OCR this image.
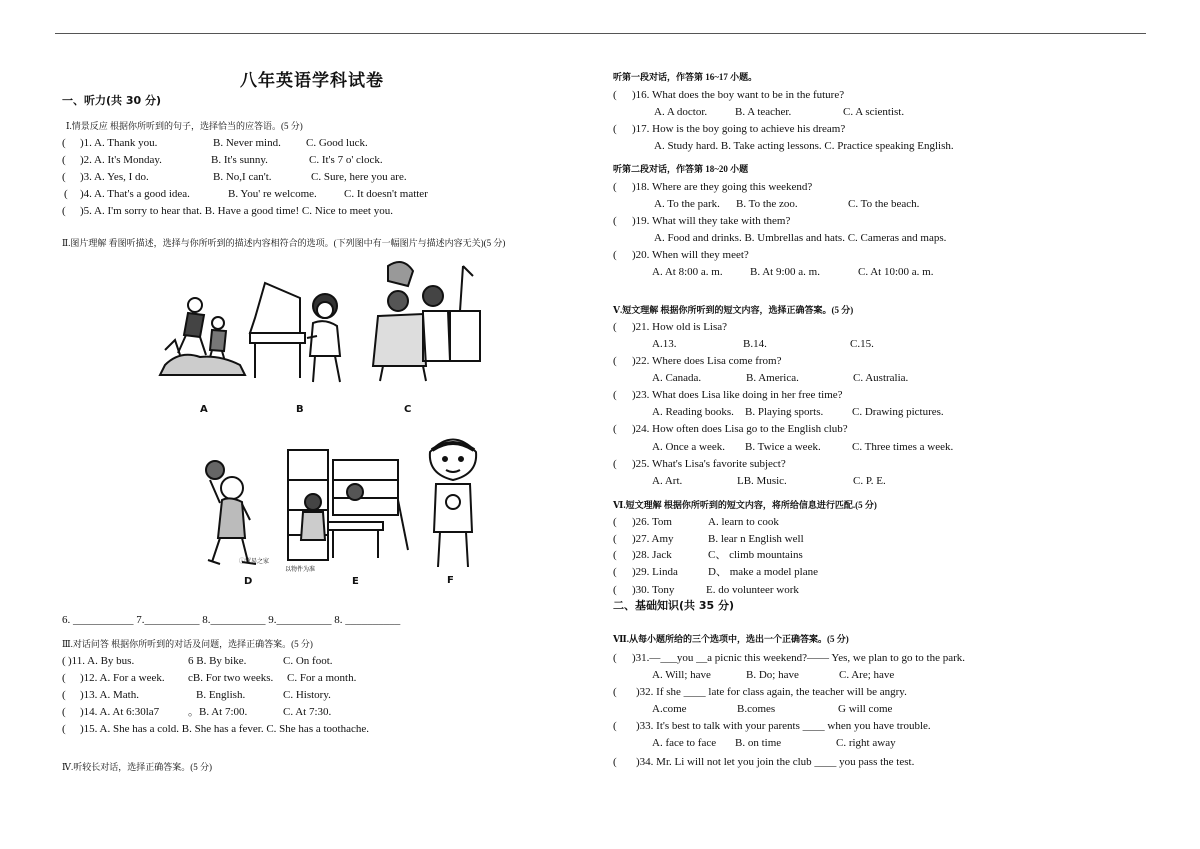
八年英语学科试卷
一、听力(共 30 分)
Ⅰ.情景反应 根据你所听到的句子，选择恰当的应答语。(5 分)
( )1. A. Thank you.	B. Never mind. C. Good luck.
( )2. A. It's Monday.	B. It's sunny.	C. It's 7 o' clock.
( )3. A. Yes, I do.	B. No,I can't.	C. Sure, here you are.
( )4. A. That's a good idea.	B. You' re welcome. C. It doesn't matter
( )5. A. I'm sorry to hear that. B. Have a good time! C. Nice to meet you.
Ⅱ.图片理解 看图听描述，选择与你所听到的描述内容相符合的选项。(下列图中有一幅图片与描述内容无关)(5 分)
A	B	C
D	E	F
6. ___________ 7.__________ 8.__________ 9.__________ 8. __________
Ⅲ.对话问答 根据你所听到的对话及问题，选择正确答案。(5 分)
( )11. A. By bus.	6 B. By bike.	C. On foot.
( )12. A. For a week. cB. For two weeks. C. For a month.
( )13. A. Math.	B. English.	C. History.
( )14. A. At 6:30la7	。B. At 7:00.	C. At 7:30.
( )15. A. She has a cold. B. She has a fever. C. She has a toothache.
Ⅳ.听较长对话，选择正确答案。(5 分)
听第一段对话，作答第 16~17 小题。
( )16. What does the boy want to be in the future?
A. A doctor.	B. A teacher.	C. A scientist.
( )17. How is the boy going to achieve his dream?
A. Study hard. B. Take acting lessons. C. Practice speaking English.
听第二段对话，作答第 18~20 小题
( )18. Where are they going this weekend?
A. To the park. B. To the zoo.	C. To the beach.
( )19. What will they take with them?
A. Food and drinks. B. Umbrellas and hats. C. Cameras and maps.
( )20. When will they meet?
A. At 8:00 a. m. B. At 9:00 a. m.	C. At 10:00 a. m.
Ⅴ.短文理解 根据你所听到的短文内容，选择正确答案。(5 分)
( )21. How old is Lisa?
A.13.	B.14.	C.15.
( )22. Where does Lisa come from?
A. Canada.	B. America.	C. Australia.
( )23. What does Lisa like doing in her free time?
A. Reading books. B. Playing sports.	C. Drawing pictures.
( )24. How often does Lisa go to the English club?
A. Once a week. B. Twice a week.	C. Three times a week.
( )25. What's Lisa's favorite subject?
A. Art.	LB. Music.	C. P. E.
Ⅵ.短文理解 根据你所听到的短文内容，将所给信息进行匹配.(5 分)
( )26. Tom	A. learn to cook
( )27. Amy	B. lear n English well
( )28. Jack	C、 climb mountains
( )29. Linda	D、 make a model plane
( )30. Tony	E. do volunteer work
二、基础知识(共 35 分)
Ⅶ.从每小题所给的三个选项中，选出一个正确答案。(5 分)
( )31.—___you __a picnic this weekend?—— Yes, we plan to go to the park.
A. Will; have	B. Do; have	C. Are; have
( )32. If she ____ late for class again, the teacher will be angry.
A.come	B.comes	G will come
( )33. It's best to talk with your parents ____ when you have trouble.
A. face to face B. on time	C. right away
( )34. Mr. Li will not let you join the club ____ you pass the test.
ⓘ贸易之家
以物件为准
